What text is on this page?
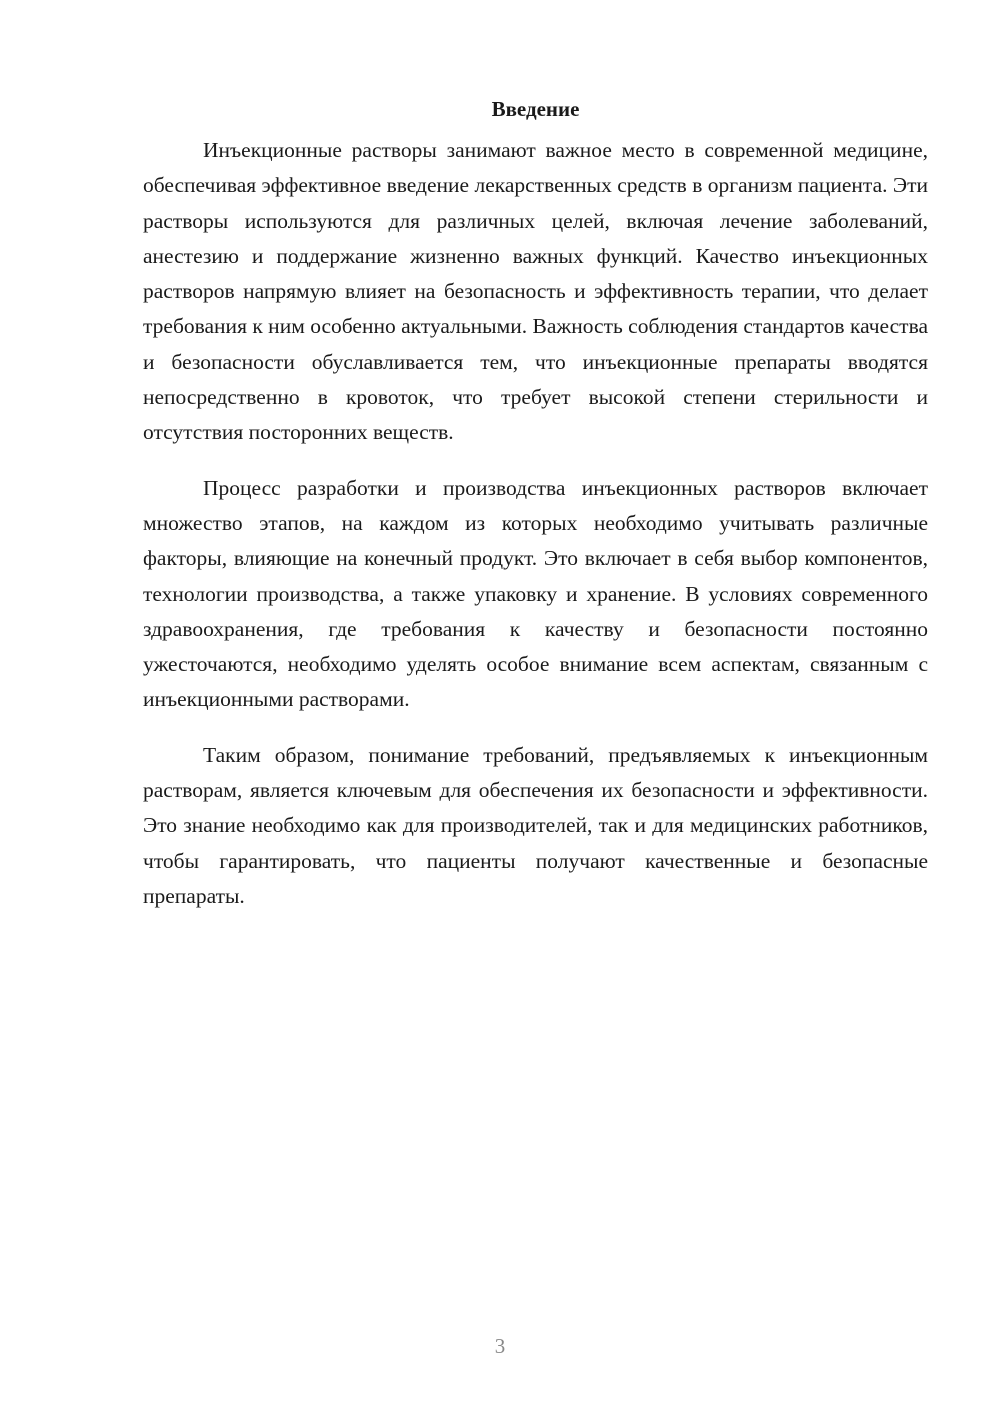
Введение

Инъекционные растворы занимают важное место в современной медицине, обеспечивая эффективное введение лекарственных средств в организм пациента. Эти растворы используются для различных целей, включая лечение заболеваний, анестезию и поддержание жизненно важных функций. Качество инъекционных растворов напрямую влияет на безопасность и эффективность терапии, что делает требования к ним особенно актуальными. Важность соблюдения стандартов качества и безопасности обуславливается тем, что инъекционные препараты вводятся непосредственно в кровоток, что требует высокой степени стерильности и отсутствия посторонних веществ.

Процесс разработки и производства инъекционных растворов включает множество этапов, на каждом из которых необходимо учитывать различные факторы, влияющие на конечный продукт. Это включает в себя выбор компонентов, технологии производства, а также упаковку и хранение. В условиях современного здравоохранения, где требования к качеству и безопасности постоянно ужесточаются, необходимо уделять особое внимание всем аспектам, связанным с инъекционными растворами.

Таким образом, понимание требований, предъявляемых к инъекционным растворам, является ключевым для обеспечения их безопасности и эффективности. Это знание необходимо как для производителей, так и для медицинских работников, чтобы гарантировать, что пациенты получают качественные и безопасные препараты.

3
